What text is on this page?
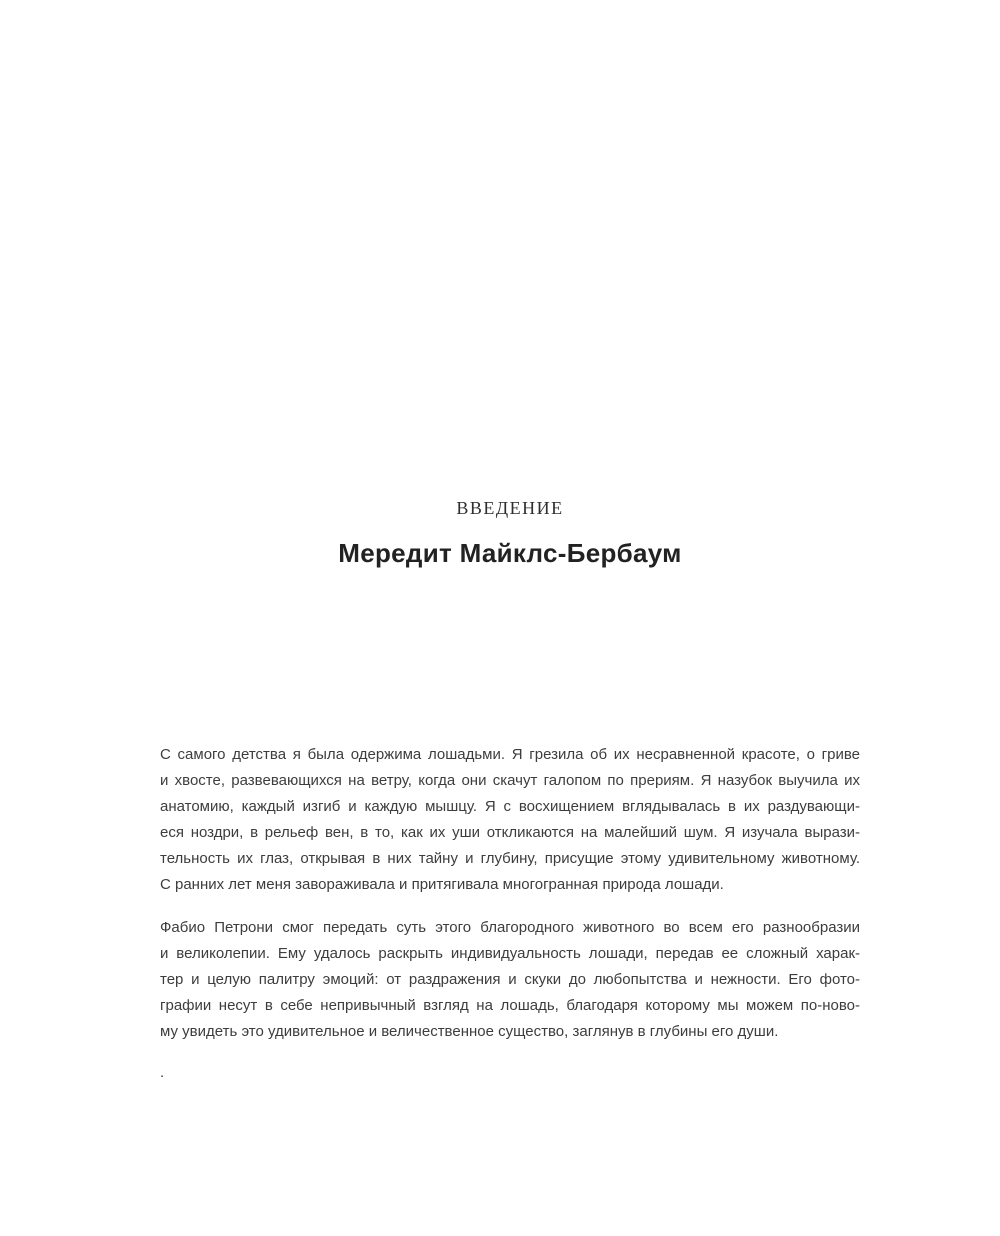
ВВЕДЕНИЕ
Мередит Майклс-Бербаум

С самого детства я была одержима лошадьми. Я грезила об их несравненной красоте, о гриве
и хвосте, развевающихся на ветру, когда они скачут галопом по прериям. Я назубок выучила их
анатомию, каждый изгиб и каждую мышцу. Я с восхищением вглядывалась в их раздувающи-
еся ноздри, в рельеф вен, в то, как их уши откликаются на малейший шум. Я изучала вырази-
тельность их глаз, открывая в них тайну и глубину, присущие этому удивительному животному.
С ранних лет меня завораживала и притягивала многогранная природа лошади.

Фабио Петрони смог передать суть этого благородного животного во всем его разнообразии
и великолепии. Ему удалось раскрыть индивидуальность лошади, передав ее сложный харак-
тер и целую палитру эмоций: от раздражения и скуки до любопытства и нежности. Его фото-
графии несут в себе непривычный взгляд на лошадь, благодаря которому мы можем по-ново-
му увидеть это удивительное и величественное существо, заглянув в глубины его души.

.
